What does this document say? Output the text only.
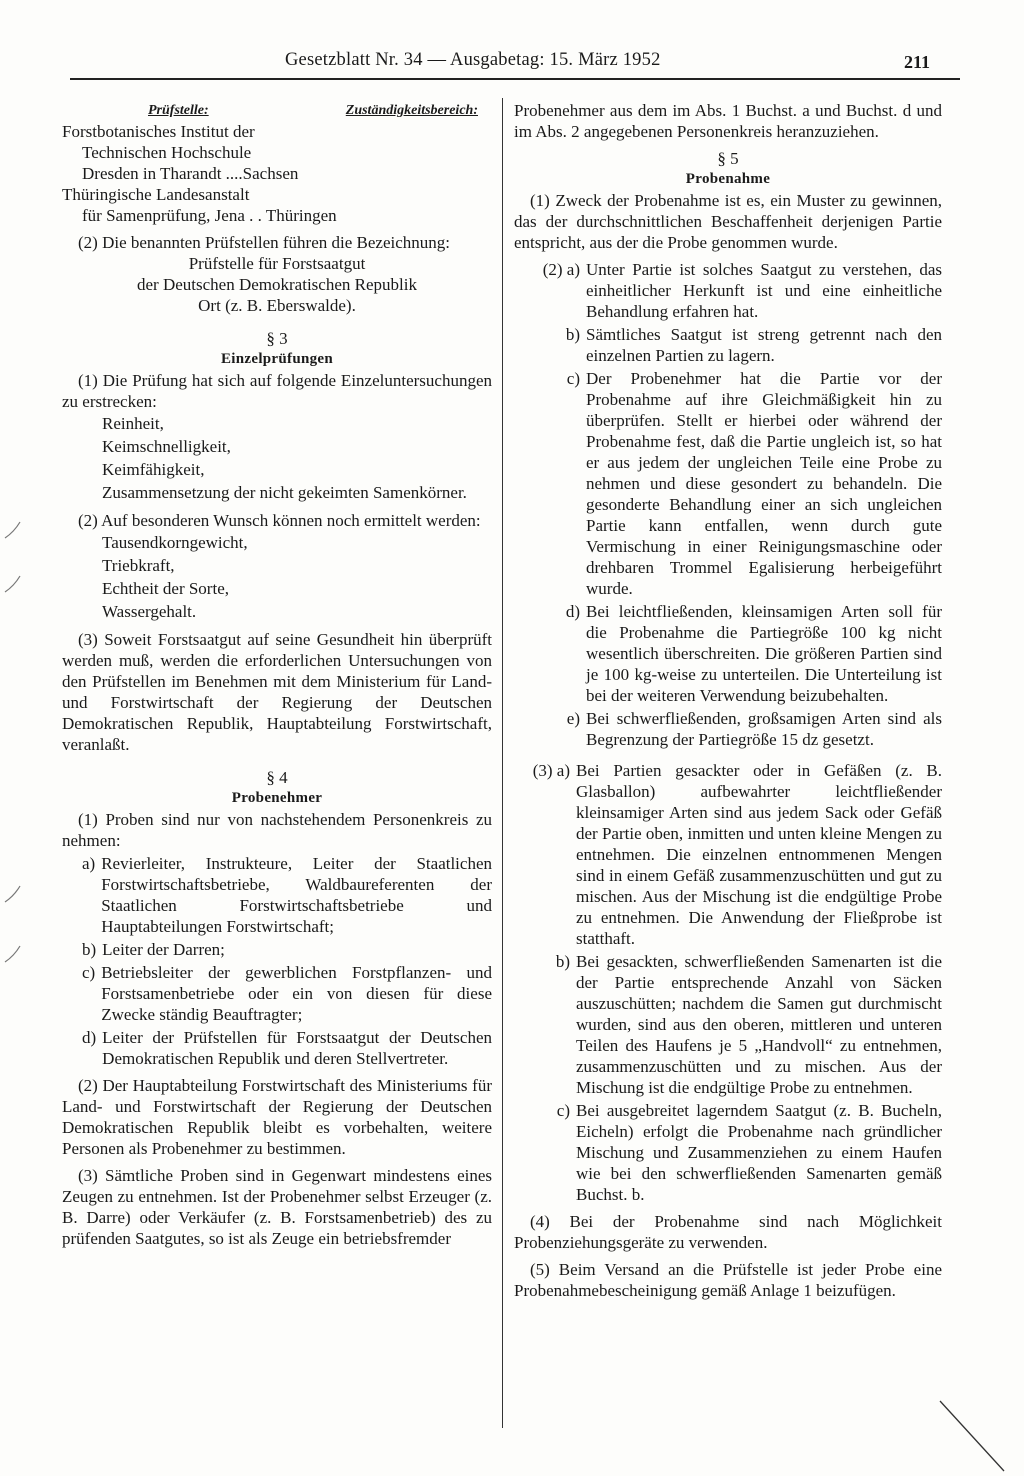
Gesetzblatt Nr. 34 — Ausgabetag: 15. März 1952	211
Prüfstelle:	Zuständigkeitsbereich:
Forstbotanisches Institut der
Technischen Hochschule
Dresden in Tharandt ....Sachsen
Thüringische Landesanstalt
für Samenprüfung, Jena . . Thüringen

(2) Die benannten Prüfstellen führen die Bezeichnung:

Prüfstelle für Forstsaatgut
der Deutschen Demokratischen Republik
Ort (z. B. Eberswalde).
§ 3
Einzelprüfungen

(1) Die Prüfung hat sich auf folgende Einzeluntersuchungen zu erstrecken:

Reinheit,
Keimschnelligkeit,
Keimfähigkeit,
Zusammensetzung der nicht gekeimten Samenkörner.

(2) Auf besonderen Wunsch können noch ermittelt werden:

Tausendkorngewicht,
Triebkraft,
Echtheit der Sorte,
Wassergehalt.

(3) Soweit Forstsaatgut auf seine Gesundheit hin überprüft werden muß, werden die erforderlichen Untersuchungen von den Prüfstellen im Benehmen mit dem Ministerium für Land- und Forstwirtschaft der Regierung der Deutschen Demokratischen Republik, Hauptabteilung Forstwirtschaft, veranlaßt.

§ 4
Probenehmer

(1) Proben sind nur von nachstehendem Personenkreis zu nehmen:

a) Revierleiter, Instrukteure, Leiter der Staatlichen Forstwirtschaftsbetriebe, Waldbaureferenten der Staatlichen Forstwirtschaftsbetriebe und Hauptabteilungen Forstwirtschaft;
b) Leiter der Darren;
c) Betriebsleiter der gewerblichen Forstpflanzen- und Forstsamenbetriebe oder ein von diesen für diese Zwecke ständig Beauftragter;
d) Leiter der Prüfstellen für Forstsaatgut der Deutschen Demokratischen Republik und deren Stellvertreter.

(2) Der Hauptabteilung Forstwirtschaft des Ministeriums für Land- und Forstwirtschaft der Regierung der Deutschen Demokratischen Republik bleibt es vorbehalten, weitere Personen als Probenehmer zu bestimmen.

(3) Sämtliche Proben sind in Gegenwart mindestens eines Zeugen zu entnehmen. Ist der Probenehmer selbst Erzeuger (z. B. Darre) oder Verkäufer (z. B. Forstsamenbetrieb) des zu prüfenden Saatgutes, so ist als Zeuge ein betriebsfremder

Probenehmer aus dem im Abs. 1 Buchst. a und Buchst. d und im Abs. 2 angegebenen Personenkreis heranzuziehen.

§ 5
Probenahme

(1) Zweck der Probenahme ist es, ein Muster zu gewinnen, das der durchschnittlichen Beschaffenheit derjenigen Partie entspricht, aus der die Probe genommen wurde.

(2) a) Unter Partie ist solches Saatgut zu verstehen, das einheitlicher Herkunft ist und eine einheitliche Behandlung erfahren hat.
b) Sämtliches Saatgut ist streng getrennt nach den einzelnen Partien zu lagern.
c) Der Probenehmer hat die Partie vor der Probenahme auf ihre Gleichmäßigkeit hin zu überprüfen. Stellt er hierbei oder während der Probenahme fest, daß die Partie ungleich ist, so hat er aus jedem der ungleichen Teile eine Probe zu nehmen und diese gesondert zu behandeln. Die gesonderte Behandlung einer an sich ungleichen Partie kann entfallen, wenn durch gute Vermischung in einer Reinigungsmaschine oder drehbaren Trommel Egalisierung herbeigeführt wurde.
d) Bei leichtfließenden, kleinsamigen Arten soll für die Probenahme die Partiegröße 100 kg nicht wesentlich überschreiten. Die größeren Partien sind je 100 kg-weise zu unterteilen. Die Unterteilung ist bei der weiteren Verwendung beizubehalten.
e) Bei schwerfließenden, großsamigen Arten sind als Begrenzung der Partiegröße 15 dz gesetzt.
(3) a) Bei Partien gesackter oder in Gefäßen (z. B. Glasballon) aufbewahrter leichtfließender kleinsamiger Arten sind aus jedem Sack oder Gefäß der Partie oben, inmitten und unten kleine Mengen zu entnehmen. Die einzelnen entnommenen Mengen sind in einem Gefäß zusammenzuschütten und gut zu mischen. Aus der Mischung ist die endgültige Probe zu entnehmen. Die Anwendung der Fließprobe ist statthaft.
b) Bei gesackten, schwerfließenden Samenarten ist die der Partie entsprechende Anzahl von Säcken auszuschütten; nachdem die Samen gut durchmischt wurden, sind aus den oberen, mittleren und unteren Teilen des Haufens je 5 „Handvoll“ zu entnehmen, zusammenzuschütten und zu mischen. Aus der Mischung ist die endgültige Probe zu entnehmen.
c) Bei ausgebreitet lagerndem Saatgut (z. B. Bucheln, Eicheln) erfolgt die Probenahme nach gründlicher Mischung und Zusammenziehen zu einem Haufen wie bei den schwerfließenden Samenarten gemäß Buchst. b.

(4) Bei der Probenahme sind nach Möglichkeit Probenziehungsgeräte zu verwenden.

(5) Beim Versand an die Prüfstelle ist jeder Probe eine Probenahmebescheinigung gemäß Anlage 1 beizufügen.
